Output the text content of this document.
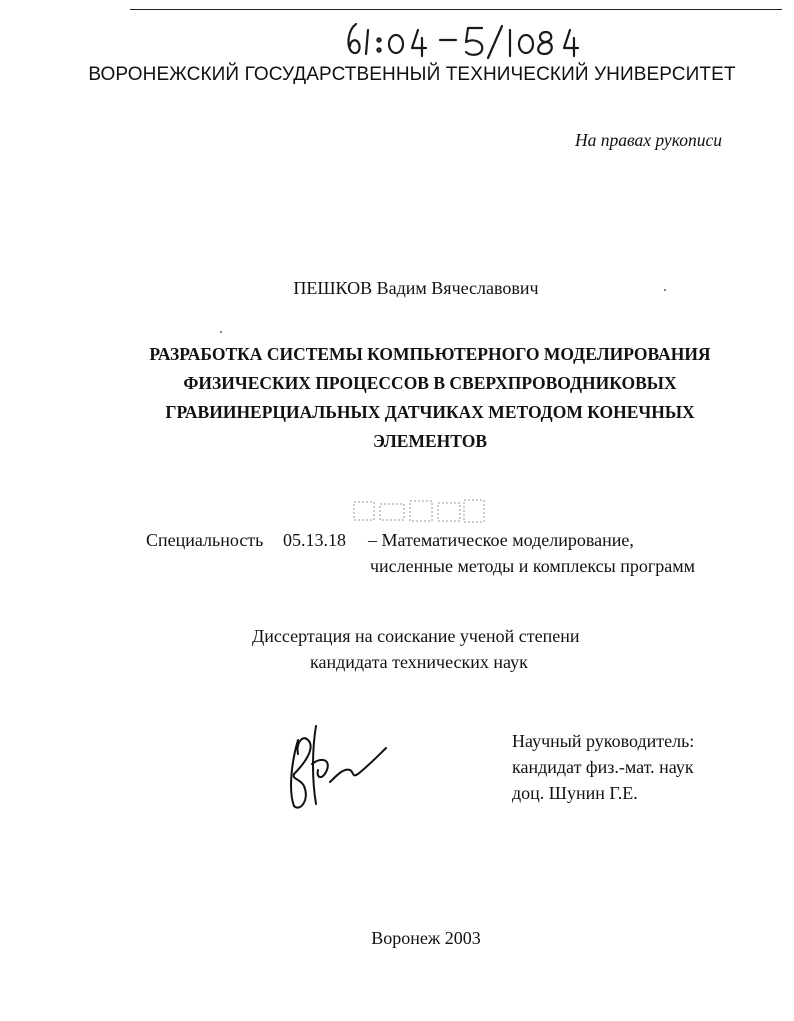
ВОРОНЕЖСКИЙ ГОСУДАРСТВЕННЫЙ ТЕХНИЧЕСКИЙ УНИВЕРСИТЕТ
На правах рукописи
ПЕШКОВ Вадим Вячеславович
РАЗРАБОТКА СИСТЕМЫ КОМПЬЮТЕРНОГО МОДЕЛИРОВАНИЯ
ФИЗИЧЕСКИХ ПРОЦЕССОВ В СВЕРХПРОВОДНИКОВЫХ
ГРАВИИНЕРЦИАЛЬНЫХ ДАТЧИКАХ МЕТОДОМ КОНЕЧНЫХ
ЭЛЕМЕНТОВ
Специальность 05.13.18 – Математическое моделирование,
численные методы и комплексы программ
Диссертация на соискание ученой степени
кандидата технических наук
Научный руководитель:
кандидат физ.-мат. наук
доц. Шунин Г.Е.
Воронеж 2003
